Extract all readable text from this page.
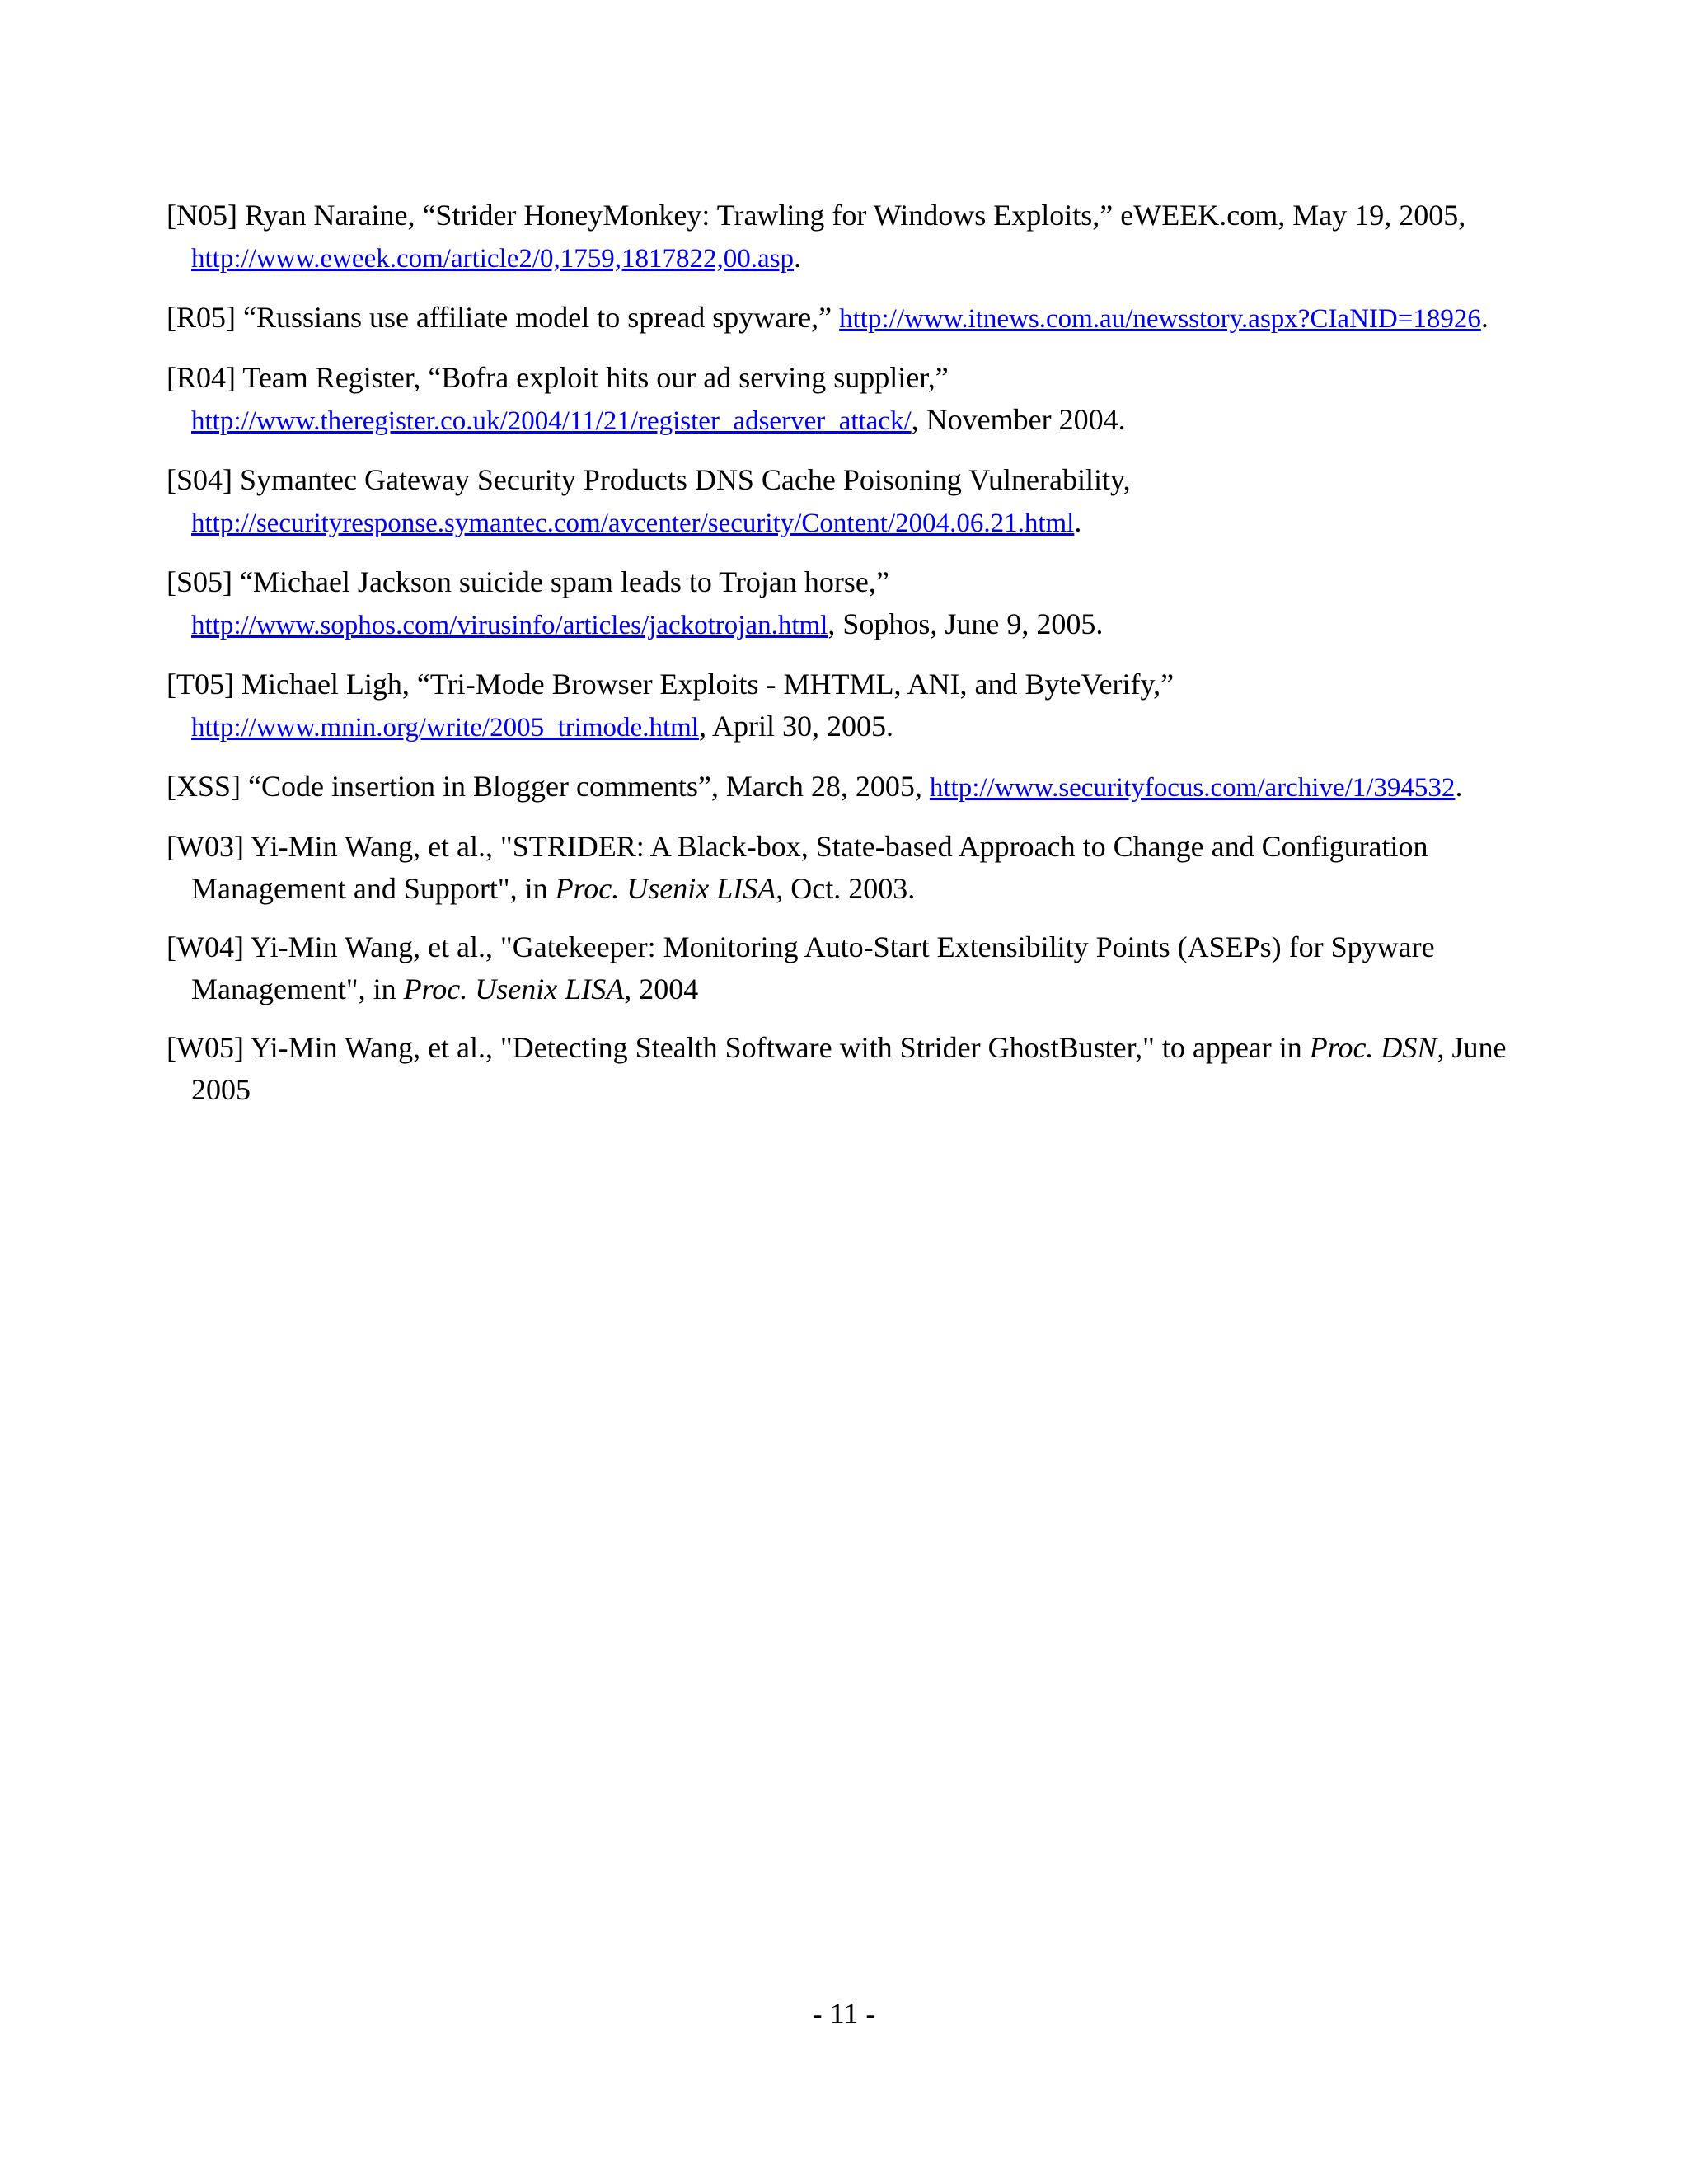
[N05] Ryan Naraine, “Strider HoneyMonkey: Trawling for Windows Exploits,” eWEEK.com, May 19, 2005, http://www.eweek.com/article2/0,1759,1817822,00.asp.

[R05] “Russians use affiliate model to spread spyware,” http://www.itnews.com.au/newsstory.aspx?CIaNID=18926.

[R04] Team Register, “Bofra exploit hits our ad serving supplier,” http://www.theregister.co.uk/2004/11/21/register_adserver_attack/, November 2004.

[S04] Symantec Gateway Security Products DNS Cache Poisoning Vulnerability, http://securityresponse.symantec.com/avcenter/security/Content/2004.06.21.html.

[S05] “Michael Jackson suicide spam leads to Trojan horse,” http://www.sophos.com/virusinfo/articles/jackotrojan.html, Sophos, June 9, 2005.

[T05] Michael Ligh, “Tri-Mode Browser Exploits - MHTML, ANI, and ByteVerify,” http://www.mnin.org/write/2005_trimode.html, April 30, 2005.

[XSS] “Code insertion in Blogger comments”, March 28, 2005, http://www.securityfocus.com/archive/1/394532.

[W03] Yi-Min Wang, et al., "STRIDER: A Black-box, State-based Approach to Change and Configuration Management and Support", in Proc. Usenix LISA, Oct. 2003.

[W04] Yi-Min Wang, et al., "Gatekeeper: Monitoring Auto-Start Extensibility Points (ASEPs) for Spyware Management", in Proc. Usenix LISA, 2004

[W05] Yi-Min Wang, et al., "Detecting Stealth Software with Strider GhostBuster," to appear in Proc. DSN, June 2005

- 11 -
